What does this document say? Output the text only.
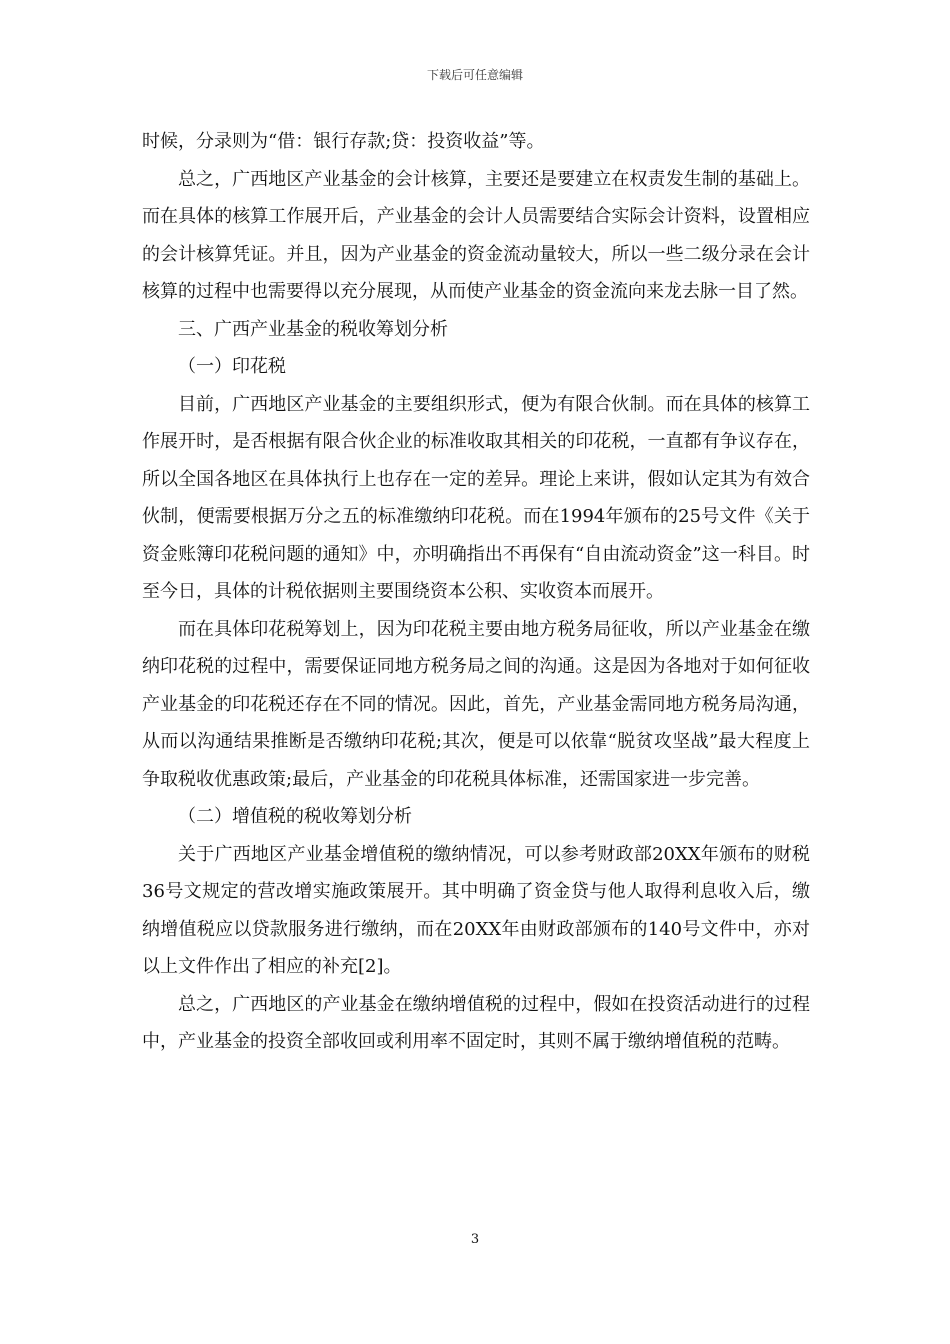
下载后可任意编辑

时候，分录则为“借：银行存款;贷：投资收益”等。

总之，广西地区产业基金的会计核算，主要还是要建立在权责发生制的基础上。而在具体的核算工作展开后，产业基金的会计人员需要结合实际会计资料，设置相应的会计核算凭证。并且，因为产业基金的资金流动量较大，所以一些二级分录在会计核算的过程中也需要得以充分展现，从而使产业基金的资金流向来龙去脉一目了然。

三、广西产业基金的税收筹划分析

（一）印花税

目前，广西地区产业基金的主要组织形式，便为有限合伙制。而在具体的核算工作展开时，是否根据有限合伙企业的标准收取其相关的印花税，一直都有争议存在，所以全国各地区在具体执行上也存在一定的差异。理论上来讲，假如认定其为有效合伙制，便需要根据万分之五的标准缴纳印花税。而在1994年颁布的25号文件《关于资金账簿印花税问题的通知》中，亦明确指出不再保有“自由流动资金”这一科目。时至今日，具体的计税依据则主要围绕资本公积、实收资本而展开。

而在具体印花税筹划上，因为印花税主要由地方税务局征收，所以产业基金在缴纳印花税的过程中，需要保证同地方税务局之间的沟通。这是因为各地对于如何征收产业基金的印花税还存在不同的情况。因此，首先，产业基金需同地方税务局沟通，从而以沟通结果推断是否缴纳印花税;其次，便是可以依靠“脱贫攻坚战”最大程度上争取税收优惠政策;最后，产业基金的印花税具体标准，还需国家进一步完善。

（二）增值税的税收筹划分析

关于广西地区产业基金增值税的缴纳情况，可以参考财政部20XX年颁布的财税36号文规定的营改增实施政策展开。其中明确了资金贷与他人取得利息收入后，缴纳增值税应以贷款服务进行缴纳，而在20XX年由财政部颁布的140号文件中，亦对以上文件作出了相应的补充[2]。

总之，广西地区的产业基金在缴纳增值税的过程中，假如在投资活动进行的过程中，产业基金的投资全部收回或利用率不固定时，其则不属于缴纳增值税的范畴。

3
